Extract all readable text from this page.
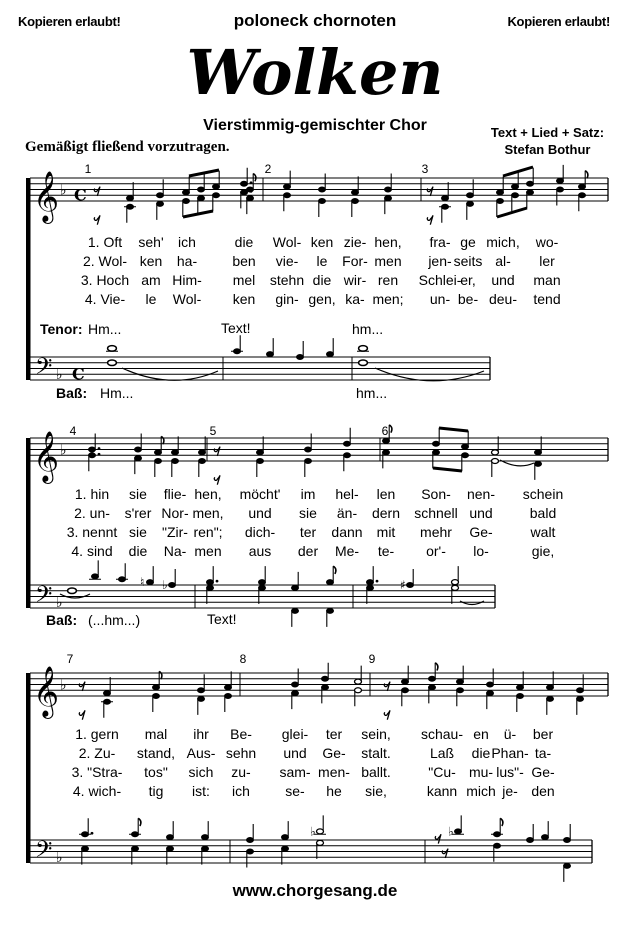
Kopieren erlaubt!	poloneck chornoten	Kopieren erlaubt!
Wolken
Vierstimmig-gemischter Chor	Text + Lied + Satz:
Stefan Bothur
Gemäßigt fließend vorzutragen.
𝄞 ♭ C
𝄢 ♭ C
𝄞 ♭
𝄢 ♭
♮ ♭	♯
𝄞 ♭
𝄢 ♭
♭	♭
1	2	3
1. Oft seh' ich	die Wol- ken zie- hen, fra- ge mich, wo-
2. Wol- ken ha-	ben vie- le For- men jen- seits al- ler
3. Hoch am Him- mel stehn die wir- ren Schlei-
er, und man
4. Vie- le Wol- ken gin- gen, ka- men; un- be- deu- tend
Tenor: Hm...	Text!	hm...
Baß: Hm...	hm...
4	5	6
1. hin sie flie- hen, möcht' im hel- len Son- nen- schein
2. un- s'rer Nor- men, und sie än- dern schnell und	bald
3. nennt sie "Zir- ren"; dich- ter dann mit mehr Ge-	walt
4. sind die Na- men aus der Me- te- or'- lo-	gie,
Baß: (...hm...)	Text!
7	8	9
1. gern mal ihr Be- glei- ter sein, schau- en ü- ber
2. Zu- stand, Aus- sehn und Ge- stalt.	Laß die Phan- ta-
3. "Stra- tos" sich zu- sam- men- ballt.	"Cu- mu- lus"- Ge-
4. wich- tig ist: ich	se- he sie,	kann mich je- den
www.chorgesang.de
